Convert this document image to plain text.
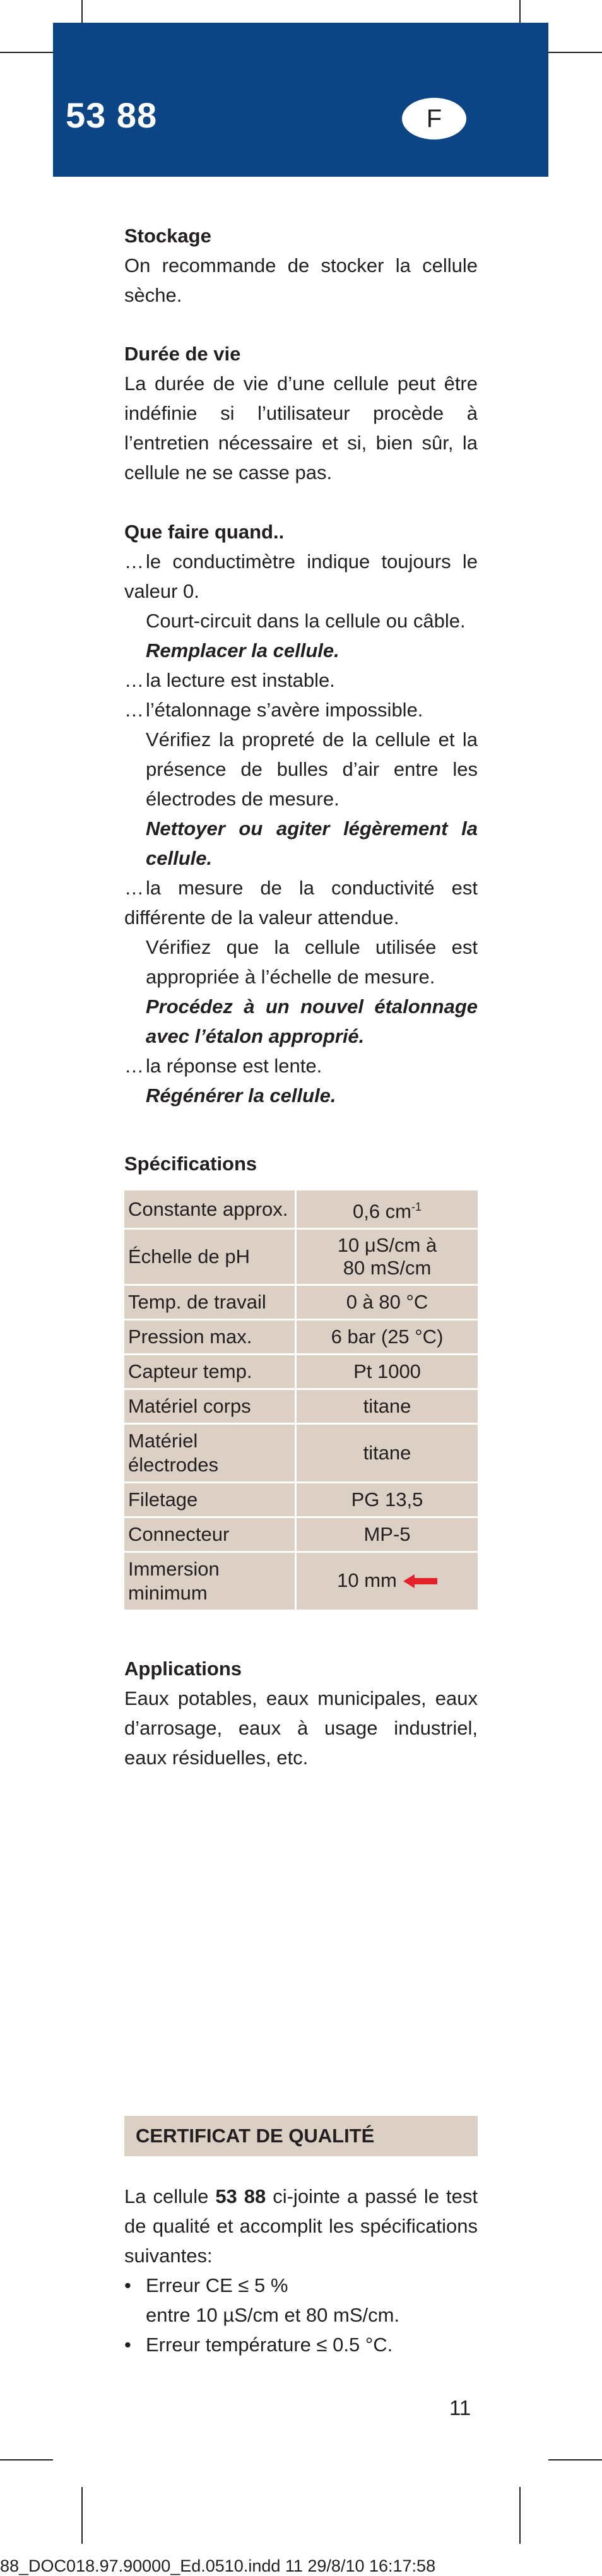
53 88	F
Stockage
On recommande de stocker la cellule sèche.
Durée de vie
La durée de vie d’une cellule peut être indéfinie si l’utilisateur procède à l’entretien nécessaire et si, bien sûr, la cellule ne se casse pas.
Que faire quand..
…le conductimètre indique toujours le valeur 0.
Court-circuit dans la cellule ou câble.
Remplacer la cellule.
…la lecture est instable.
…l’étalonnage s’avère impossible.
Vérifiez la propreté de la cellule et la présence de bulles d’air entre les électrodes de mesure.
Nettoyer ou agiter légèrement la cellule.
…la mesure de la conductivité est différente de la valeur attendue.
Vérifiez que la cellule utilisée est appropriée à l’échelle de mesure.
Procédez à un nouvel étalonnage avec l’étalon approprié.
…la réponse est lente.
Régénérer la cellule.
Spécifications
Constante approx.	0,6 $cm^{-1}$
Échelle de pH	10 μS/cm à
80 mS/cm

Temp. de travail	0 à 80 °C
Pression max.	6 bar (25 °C)
Capteur temp.	Pt 1000
Matériel corps	titane
Matériel électrodes	titane
Filetage	PG 13,5
Connecteur	MP-5
Immersion minimum	10 mm
Applications
Eaux potables, eaux municipales, eaux d’arrosage, eaux à usage industriel, eaux résiduelles, etc.
CERTIFICAT DE QUALITÉ
La cellule 53 88 ci-jointe a passé le test de qualité et accomplit les spécifications suivantes:
• Erreur CE ≤ 5 %
entre 10 µS/cm et 80 mS/cm.
• Erreur température ≤ 0.5 °C.
11
88_DOC018.97.90000_Ed.0510.indd 11 29/8/10 16:17:58
